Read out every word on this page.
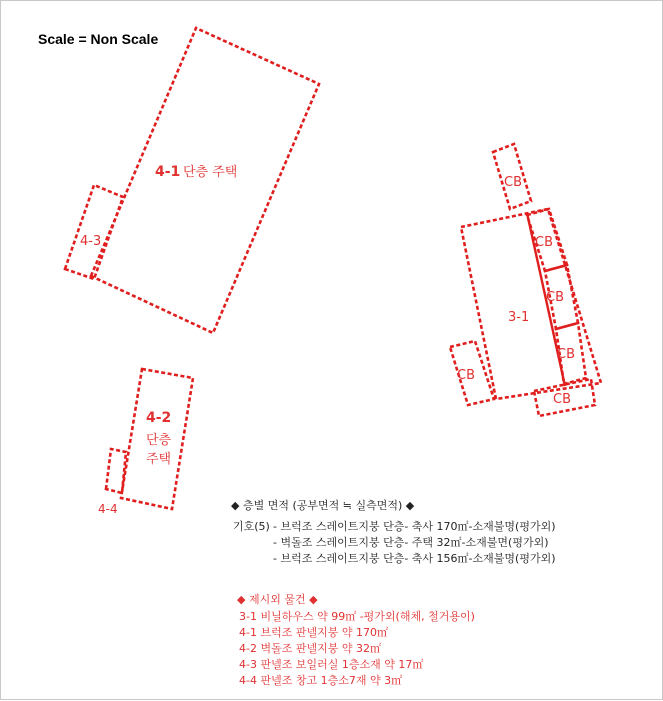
4-1 단층 주택
4-3
4-2
단층
주택
4-4
3-1
CB
CB
CB
CB
CB
CB
Scale = Non Scale
◆ 층별 면적 (공부면적 ≒ 실측면적) ◆
기호(5) - 브럭조 스레이트지붕 단층- 축사 170㎡-소재불명(평가외)
- 벽돌조 스레이트지붕 단층- 주택 32㎡-소재불면(평가외)
- 브럭조 스레이트지붕 단층- 축사 156㎡-소재불명(평가외)
◆ 제시외 물건 ◆
3-1 비닐하우스 약 99㎡ -평가외(해체, 철거용이)
4-1 브럭조 판넬지붕 약 170㎡
4-2 벽돌조 판넬지붕 약 32㎡
4-3 판넬조 보일러실 1층소재 약 17㎡
4-4 판넬조 창고 1층소7재 약 3㎡
